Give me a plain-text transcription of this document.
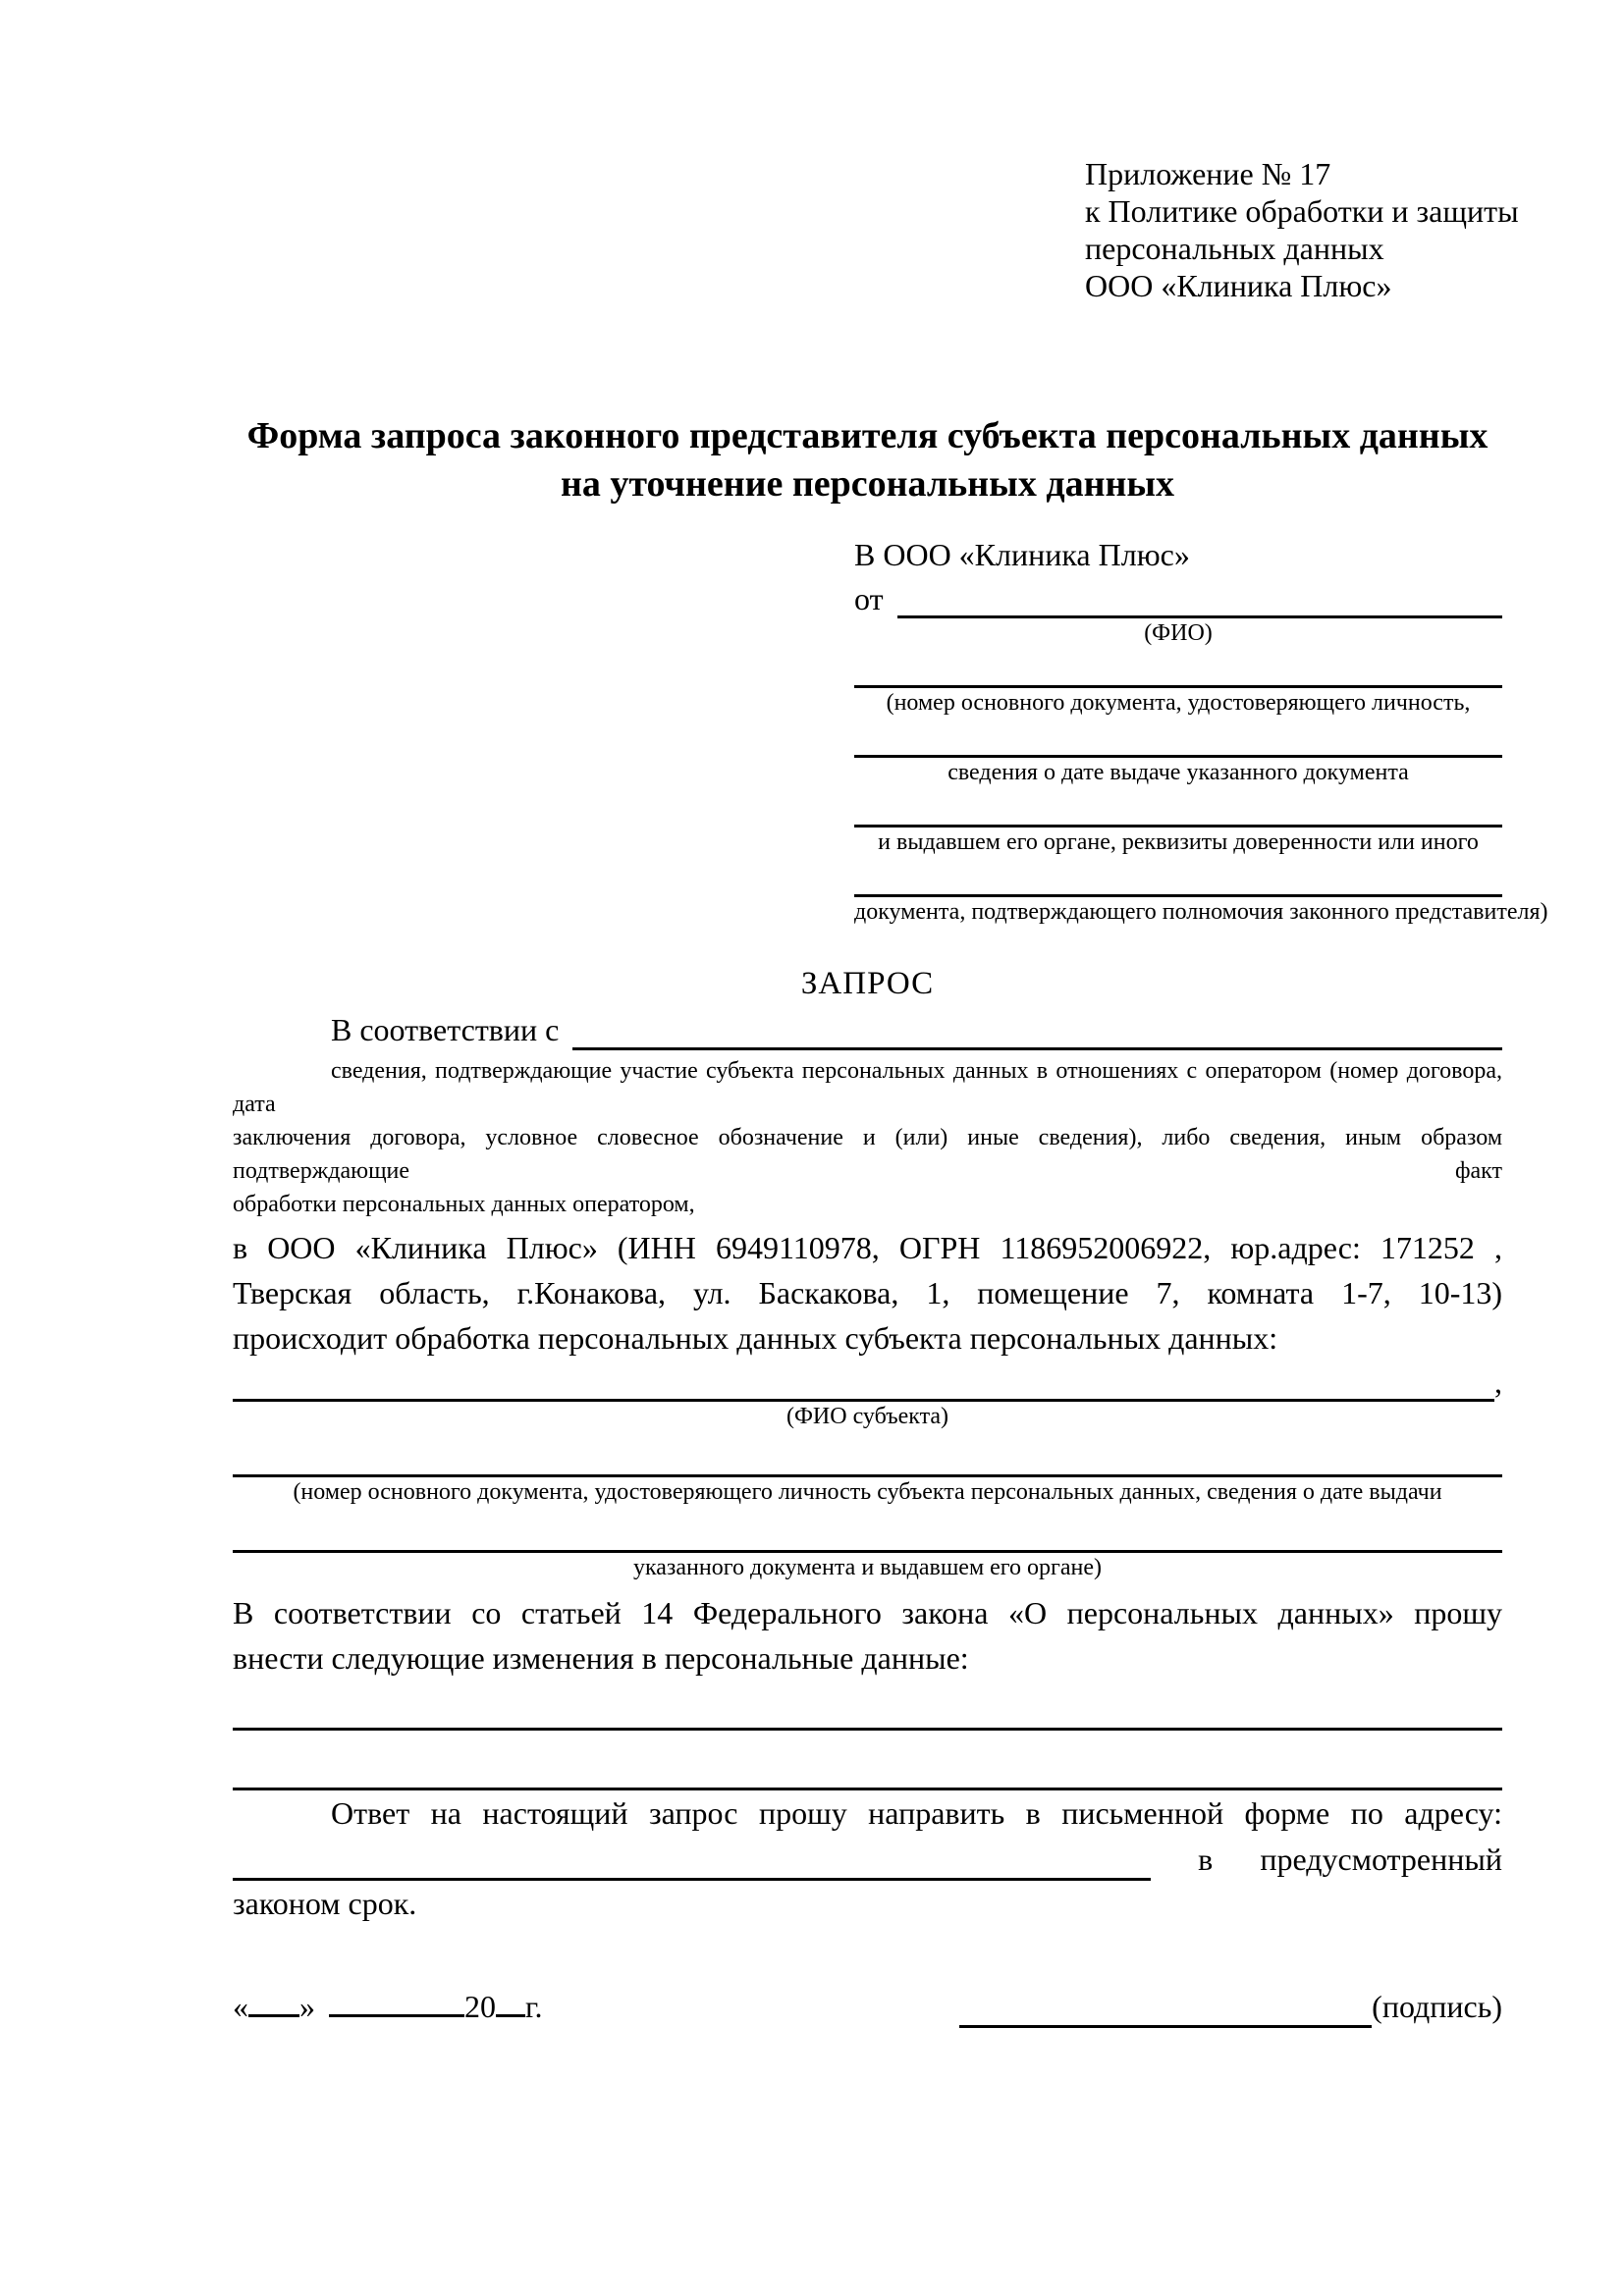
Приложение № 17
к Политике обработки и защиты
персональных данных
ООО «Клиника Плюс»
Форма запроса законного представителя субъекта персональных данных
на уточнение персональных данных
В ООО «Клиника Плюс»
от
(ФИО)
(номер основного документа, удостоверяющего личность,
сведения о дате выдаче указанного документа
и выдавшем его органе, реквизиты доверенности или иного
документа, подтверждающего полномочия законного представителя)
ЗАПРОС
В соответствии с
сведения, подтверждающие участие субъекта персональных данных в отношениях с оператором (номер договора, дата
заключения договора, условное словесное обозначение и (или) иные сведения), либо сведения, иным образом подтверждающие факт
обработки персональных данных оператором,
в ООО «Клиника Плюс» (ИНН 6949110978, ОГРН 1186952006922, юр.адрес: 171252 ,
Тверская область, г.Конакова, ул. Баскакова, 1, помещение 7, комната 1-7, 10-13)
происходит обработка персональных данных субъекта персональных данных:
,
(ФИО субъекта)
(номер основного документа, удостоверяющего личность субъекта персональных данных, сведения о дате выдачи
указанного документа и выдавшем его органе)
В соответствии со статьей 14 Федерального закона «О персональных данных» прошу
внести следующие изменения в персональные данные:
Ответ на настоящий запрос прошу направить в письменной форме по адресу:
в предусмотренный
законом срок.
« »	20 г.	(подпись)
